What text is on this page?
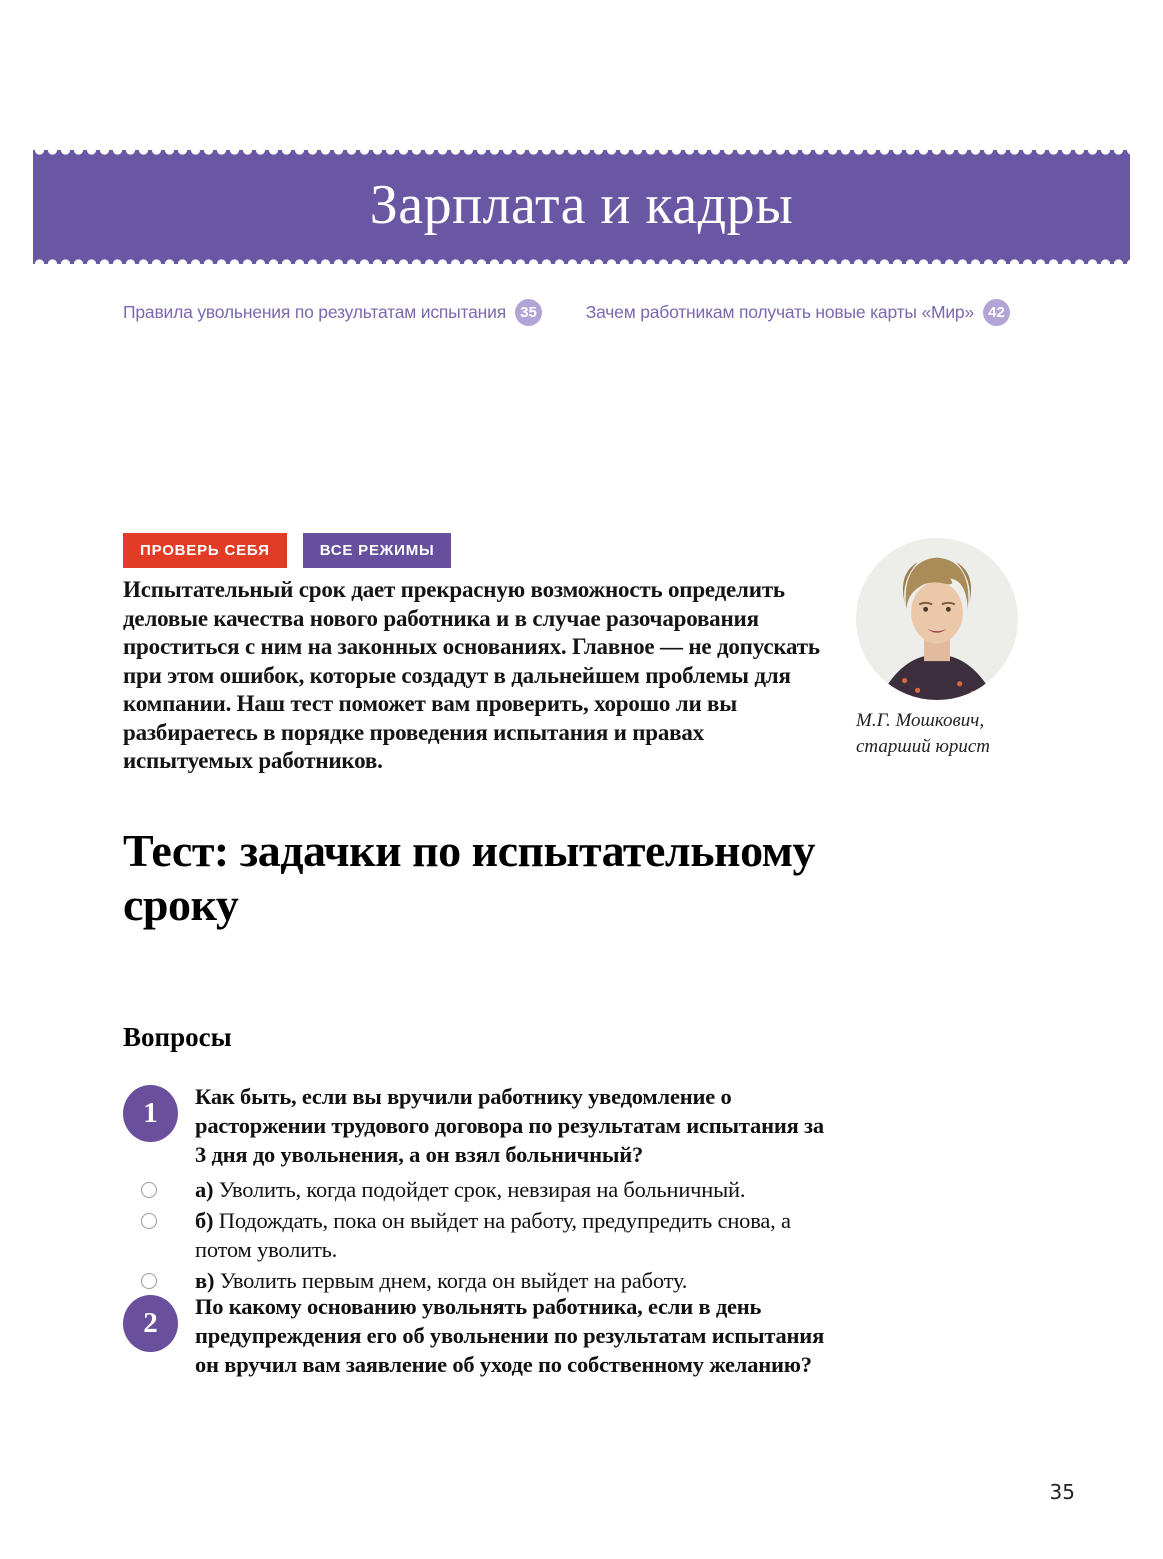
Зарплата и кадры
Правила увольнения по результатам испытания 35	Зачем работникам получать новые карты «Мир» 42
ПРОВЕРЬ СЕБЯ	ВСЕ РЕЖИМЫ
Испытательный срок дает прекрасную возможность определить деловые качества нового работника и в случае разочарования проститься с ним на законных основаниях. Главное — не допускать при этом ошибок, которые создадут в дальнейшем проблемы для компании. Наш тест поможет вам проверить, хорошо ли вы разбираетесь в порядке проведения испытания и правах испытуемых работников.
М.Г. Мошкович,
старший юрист
Тест: задачки по испытательному сроку
Вопросы
1
Как быть, если вы вручили работнику уведомление о расторжении трудового договора по результатам испытания за 3 дня до увольнения, а он взял больничный?
а) Уволить, когда подойдет срок, невзирая на больничный.
б) Подождать, пока он выйдет на работу, предупредить снова, а потом уволить.
в) Уволить первым днем, когда он выйдет на работу.
2
По какому основанию увольнять работника, если в день предупреждения его об увольнении по результатам испытания он вручил вам заявление об уходе по собственному желанию?
35
